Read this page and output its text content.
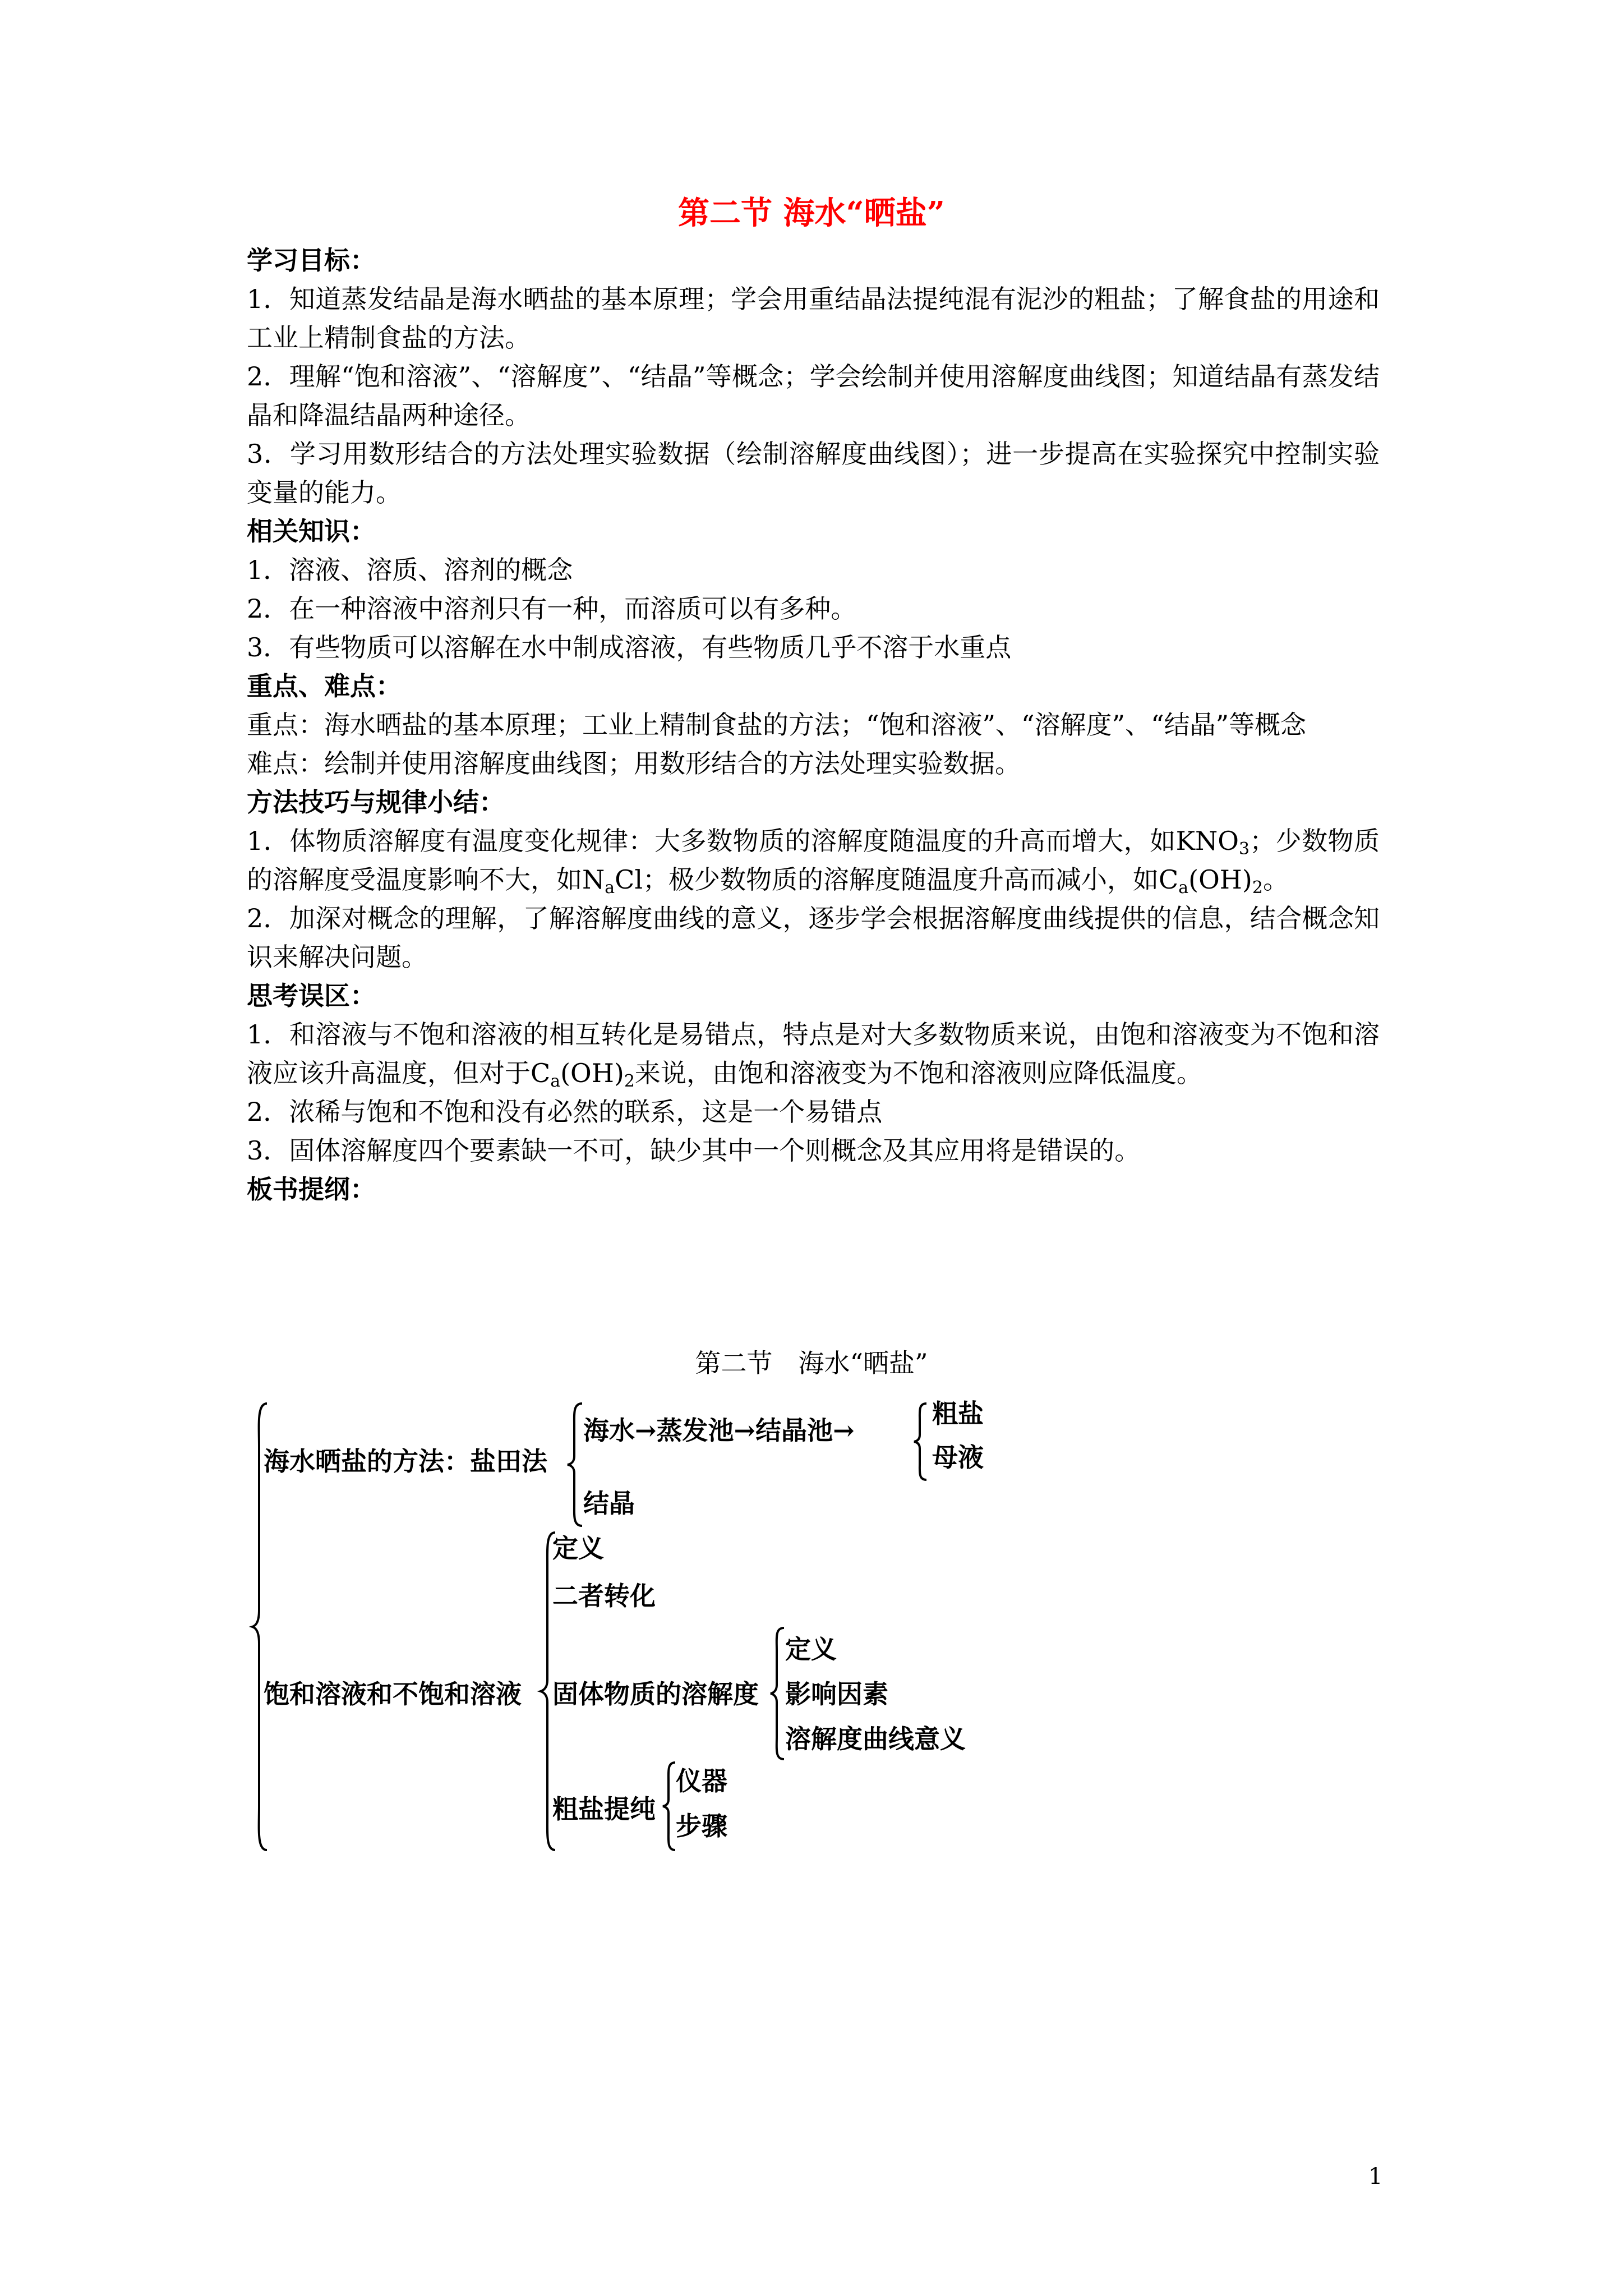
第二节 海水“晒盐”

学习目标：

1．知道蒸发结晶是海水晒盐的基本原理；学会用重结晶法提纯混有泥沙的粗盐；了解食盐的用途和工业上精制食盐的方法。

2．理解“饱和溶液”、“溶解度”、“结晶”等概念；学会绘制并使用溶解度曲线图；知道结晶有蒸发结晶和降温结晶两种途径。

3．学习用数形结合的方法处理实验数据（绘制溶解度曲线图）；进一步提高在实验探究中控制实验变量的能力。

相关知识：

1．溶液、溶质、溶剂的概念

2．在一种溶液中溶剂只有一种，而溶质可以有多种。

3．有些物质可以溶解在水中制成溶液，有些物质几乎不溶于水重点

重点、难点：

重点：海水晒盐的基本原理；工业上精制食盐的方法；“饱和溶液”、“溶解度”、“结晶”等概念

难点：绘制并使用溶解度曲线图；用数形结合的方法处理实验数据。

方法技巧与规律小结：

1．体物质溶解度有温度变化规律：大多数物质的溶解度随温度的升高而增大，如$KNO_3$；少数物质的溶解度受温度影响不大，如$N_aCl$；极少数物质的溶解度随温度升高而减小，如$C_a(OH)_2$。

2．加深对概念的理解，了解溶解度曲线的意义，逐步学会根据溶解度曲线提供的信息，结合概念知识来解决问题。

思考误区：

1．和溶液与不饱和溶液的相互转化是易错点，特点是对大多数物质来说，由饱和溶液变为不饱和溶液应该升高温度，但对于$C_a(OH)_2$来说，由饱和溶液变为不饱和溶液则应降低温度。

2．浓稀与饱和不饱和没有必然的联系，这是一个易错点

3．固体溶解度四个要素缺一不可，缺少其中一个则概念及其应用将是错误的。

板书提纲：

第二节　海水“晒盐”
海水晒盐的方法：盐田法
海水→蒸发池→结晶池→
粗盐
母液
结晶
饱和溶液和不饱和溶液
定义
二者转化
固体物质的溶解度
定义
影响因素
溶解度曲线意义
粗盐提纯
仪器
步骤
1
